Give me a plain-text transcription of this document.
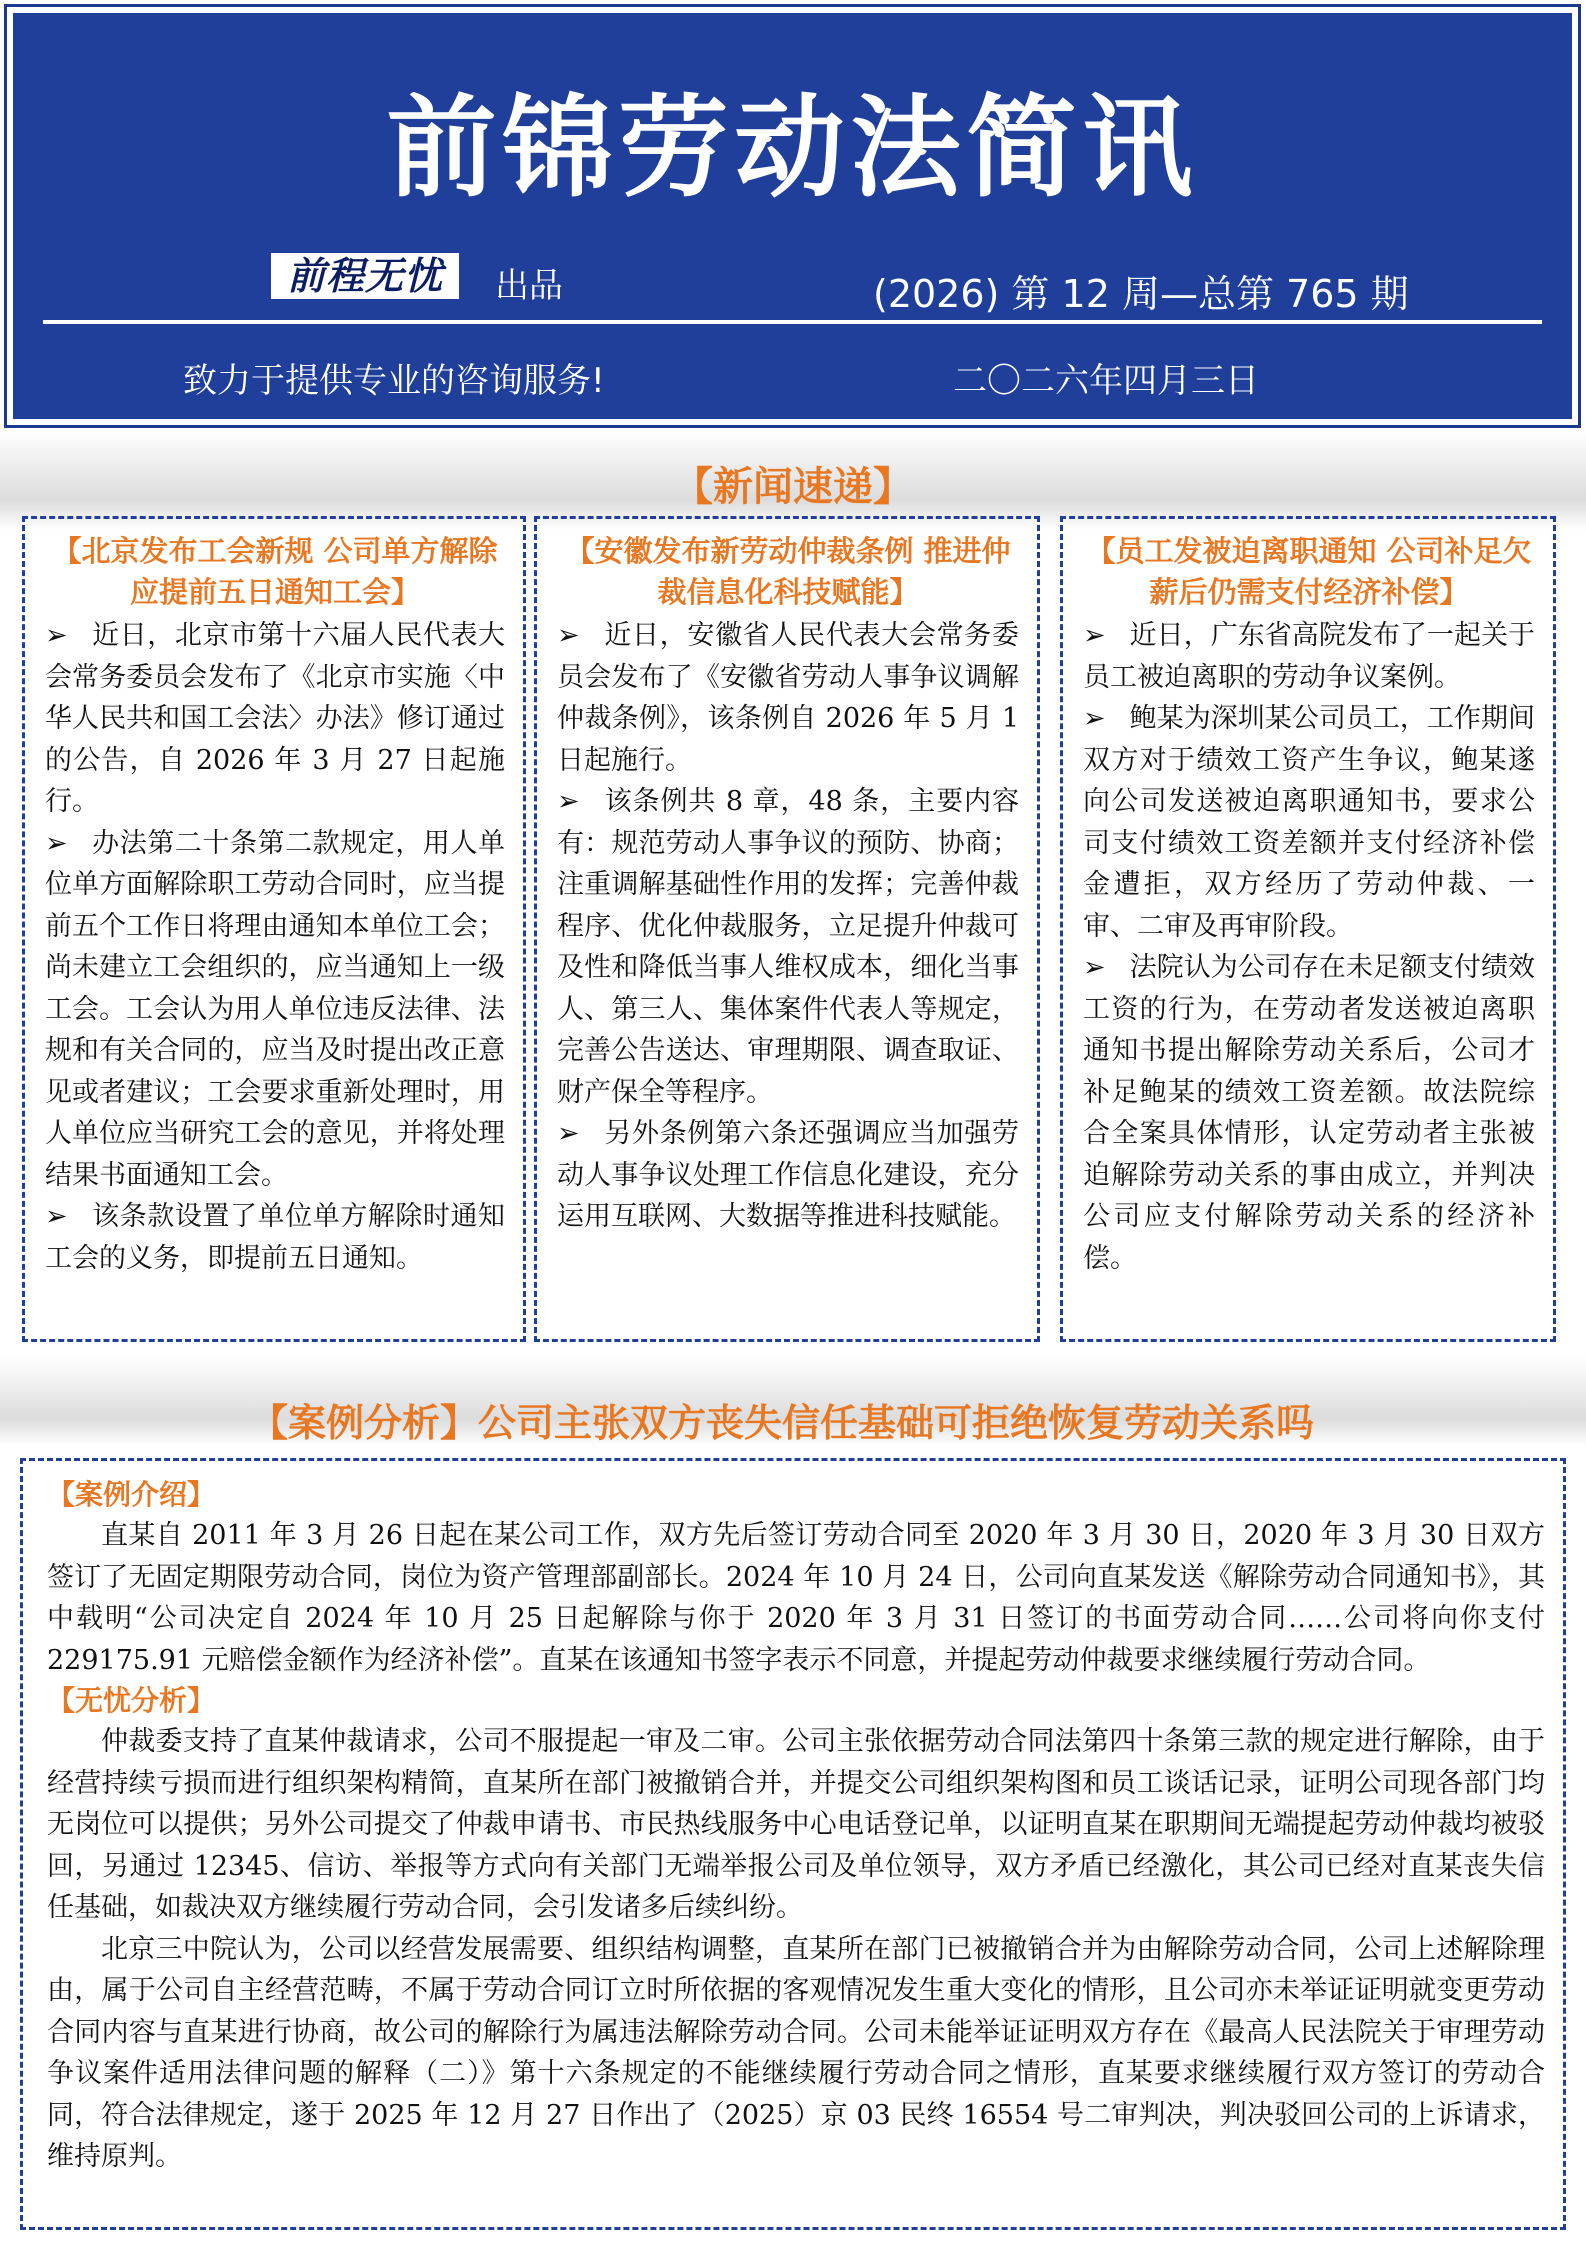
前锦劳动法简讯
前程无忧	出品	(2026) 第 12 周—总第 765 期
致力于提供专业的咨询服务!	二〇二六年四月三日
【新闻速递】
【北京发布工会新规 公司单方解除应提前五日通知工会】

➢ 近日，北京市第十六届人民代表大会常务委员会发布了《北京市实施〈中华人民共和国工会法〉办法》修订通过的公告，自 2026 年 3 月 27 日起施行。

➢ 办法第二十条第二款规定，用人单位单方面解除职工劳动合同时，应当提前五个工作日将理由通知本单位工会；尚未建立工会组织的，应当通知上一级工会。工会认为用人单位违反法律、法规和有关合同的，应当及时提出改正意见或者建议；工会要求重新处理时，用人单位应当研究工会的意见，并将处理结果书面通知工会。

➢ 该条款设置了单位单方解除时通知工会的义务，即提前五日通知。

【安徽发布新劳动仲裁条例 推进仲裁信息化科技赋能】

➢ 近日，安徽省人民代表大会常务委员会发布了《安徽省劳动人事争议调解仲裁条例》，该条例自 2026 年 5 月 1 日起施行。

➢ 该条例共 8 章，48 条，主要内容有：规范劳动人事争议的预防、协商；注重调解基础性作用的发挥；完善仲裁程序、优化仲裁服务，立足提升仲裁可及性和降低当事人维权成本，细化当事人、第三人、集体案件代表人等规定，完善公告送达、审理期限、调查取证、财产保全等程序。

➢ 另外条例第六条还强调应当加强劳动人事争议处理工作信息化建设，充分运用互联网、大数据等推进科技赋能。

【员工发被迫离职通知 公司补足欠薪后仍需支付经济补偿】

➢ 近日，广东省高院发布了一起关于员工被迫离职的劳动争议案例。

➢ 鲍某为深圳某公司员工，工作期间双方对于绩效工资产生争议，鲍某遂向公司发送被迫离职通知书，要求公司支付绩效工资差额并支付经济补偿金遭拒，双方经历了劳动仲裁、一审、二审及再审阶段。

➢ 法院认为公司存在未足额支付绩效工资的行为，在劳动者发送被迫离职通知书提出解除劳动关系后，公司才补足鲍某的绩效工资差额。故法院综合全案具体情形，认定劳动者主张被迫解除劳动关系的事由成立，并判决公司应支付解除劳动关系的经济补偿。

【案例分析】公司主张双方丧失信任基础可拒绝恢复劳动关系吗
【案例介绍】

直某自 2011 年 3 月 26 日起在某公司工作，双方先后签订劳动合同至 2020 年 3 月 30 日，2020 年 3 月 30 日双方签订了无固定期限劳动合同，岗位为资产管理部副部长。2024 年 10 月 24 日，公司向直某发送《解除劳动合同通知书》，其中载明“公司决定自 2024 年 10 月 25 日起解除与你于 2020 年 3 月 31 日签订的书面劳动合同……公司将向你支付 229175.91 元赔偿金额作为经济补偿”。直某在该通知书签字表示不同意，并提起劳动仲裁要求继续履行劳动合同。

【无忧分析】

仲裁委支持了直某仲裁请求，公司不服提起一审及二审。公司主张依据劳动合同法第四十条第三款的规定进行解除，由于经营持续亏损而进行组织架构精简，直某所在部门被撤销合并，并提交公司组织架构图和员工谈话记录，证明公司现各部门均无岗位可以提供；另外公司提交了仲裁申请书、市民热线服务中心电话登记单，以证明直某在职期间无端提起劳动仲裁均被驳回，另通过 12345、信访、举报等方式向有关部门无端举报公司及单位领导，双方矛盾已经激化，其公司已经对直某丧失信任基础，如裁决双方继续履行劳动合同，会引发诸多后续纠纷。

北京三中院认为，公司以经营发展需要、组织结构调整，直某所在部门已被撤销合并为由解除劳动合同，公司上述解除理由，属于公司自主经营范畴，不属于劳动合同订立时所依据的客观情况发生重大变化的情形，且公司亦未举证证明就变更劳动合同内容与直某进行协商，故公司的解除行为属违法解除劳动合同。公司未能举证证明双方存在《最高人民法院关于审理劳动争议案件适用法律问题的解释（二）》第十六条规定的不能继续履行劳动合同之情形，直某要求继续履行双方签订的劳动合同，符合法律规定，遂于 2025 年 12 月 27 日作出了（2025）京 03 民终 16554 号二审判决，判决驳回公司的上诉请求，维持原判。
